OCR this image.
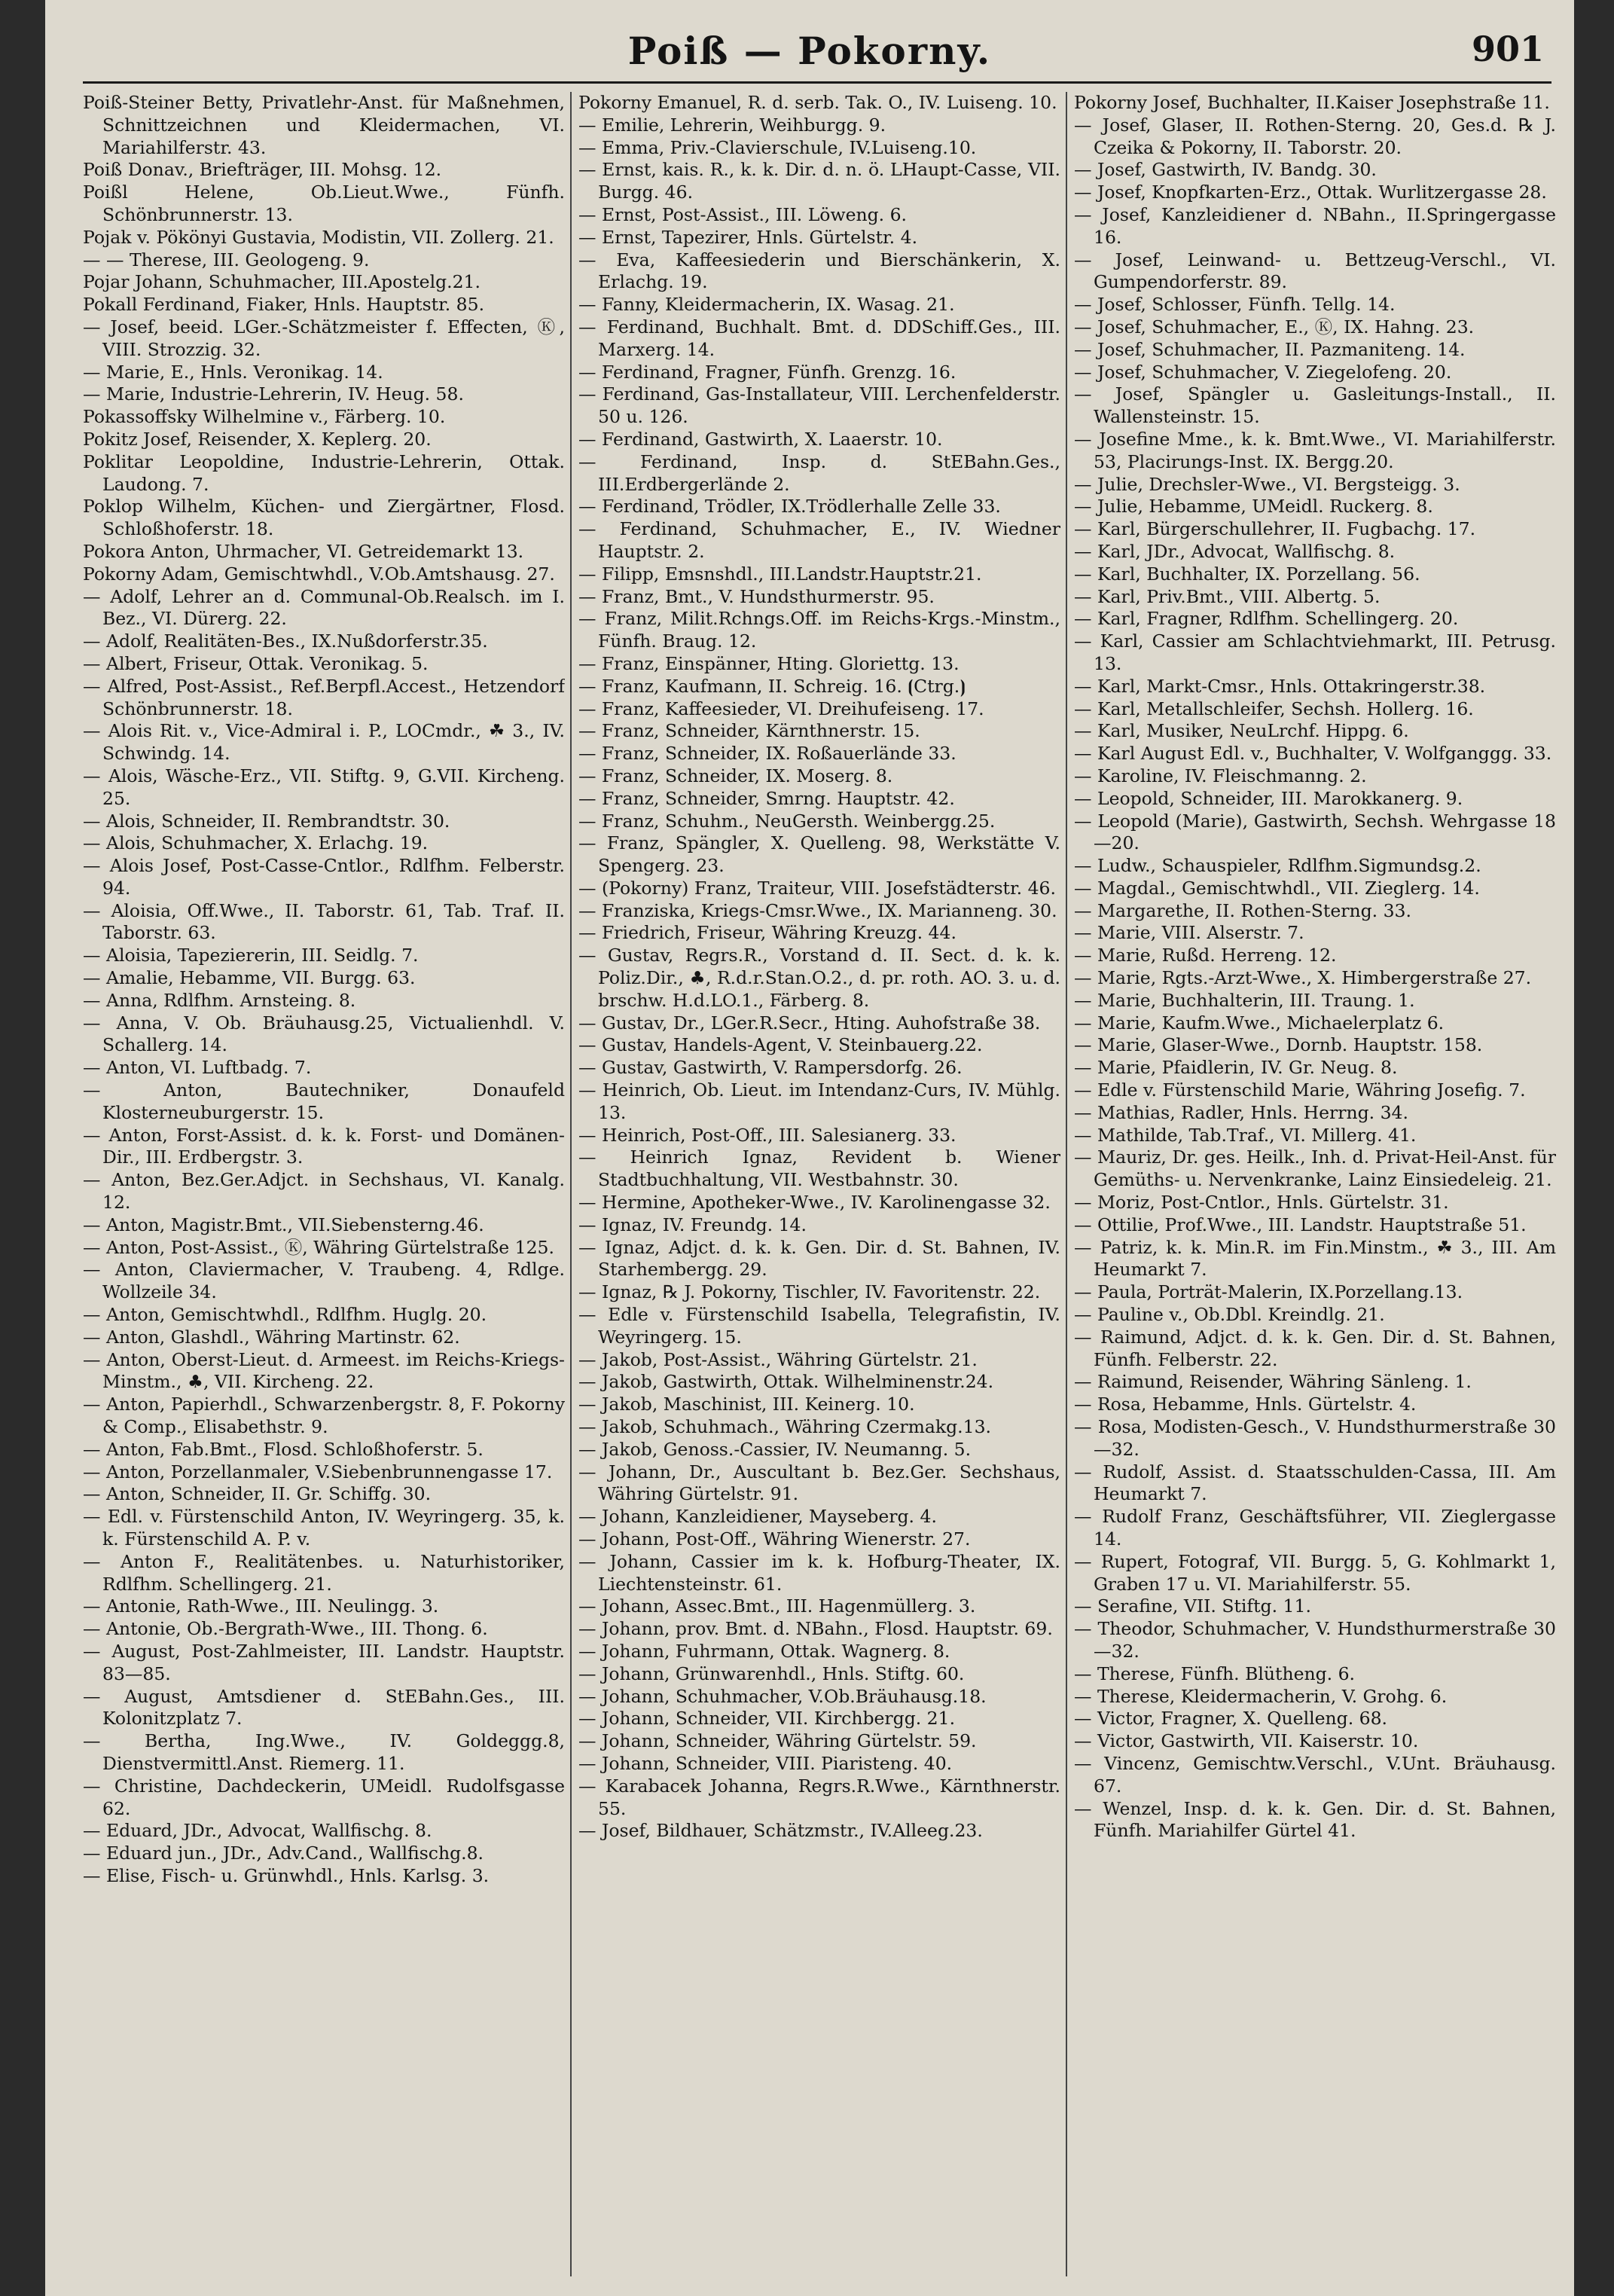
Poiß — Pokorny.	901
Poiß-Steiner Betty, Privatlehr-Anst. für Maßnehmen, Schnittzeichnen und Kleidermachen, VI. Mariahilferstr. 43.
Poiß Donav., Briefträger, III. Mohsg. 12.
Poißl Helene, Ob.Lieut.Wwe., Fünfh. Schönbrunnerstr. 13.
Pojak v. Pökönyi Gustavia, Modistin, VII. Zollerg. 21.
— — Therese, III. Geologeng. 9.
Pojar Johann, Schuhmacher, III.Apostelg.21.
Pokall Ferdinand, Fiaker, Hnls. Hauptstr. 85.
— Josef, beeid. LGer.-Schätzmeister f. Effecten, Ⓚ, VIII. Strozzig. 32.
— Marie, E., Hnls. Veronikag. 14.
— Marie, Industrie-Lehrerin, IV. Heug. 58.
Pokassoffsky Wilhelmine v., Färberg. 10.
Pokitz Josef, Reisender, X. Keplerg. 20.
Poklitar Leopoldine, Industrie-Lehrerin, Ottak. Laudong. 7.
Poklop Wilhelm, Küchen- und Ziergärtner, Flosd. Schloßhoferstr. 18.
Pokora Anton, Uhrmacher, VI. Getreidemarkt 13.
Pokorny Adam, Gemischtwhdl., V.Ob.Amtshausg. 27.
— Adolf, Lehrer an d. Communal-Ob.Realsch. im I. Bez., VI. Dürerg. 22.
— Adolf, Realitäten-Bes., IX.Nußdorferstr.35.
— Albert, Friseur, Ottak. Veronikag. 5.
— Alfred, Post-Assist., Ref.Berpfl.Accest., Hetzendorf Schönbrunnerstr. 18.
— Alois Rit. v., Vice-Admiral i. P., LOCmdr., ☘ 3., IV. Schwindg. 14.
— Alois, Wäsche-Erz., VII. Stiftg. 9, G.VII. Kircheng. 25.
— Alois, Schneider, II. Rembrandtstr. 30.
— Alois, Schuhmacher, X. Erlachg. 19.
— Alois Josef, Post-Casse-Cntlor., Rdlfhm. Felberstr. 94.
— Aloisia, Off.Wwe., II. Taborstr. 61, Tab. Traf. II. Taborstr. 63.
— Aloisia, Tapeziererin, III. Seidlg. 7.
— Amalie, Hebamme, VII. Burgg. 63.
— Anna, Rdlfhm. Arnsteing. 8.
— Anna, V. Ob. Bräuhausg.25, Victualienhdl. V. Schallerg. 14.
— Anton, VI. Luftbadg. 7.
— Anton, Bautechniker, Donaufeld Klosterneuburgerstr. 15.
— Anton, Forst-Assist. d. k. k. Forst- und Domänen-Dir., III. Erdbergstr. 3.
— Anton, Bez.Ger.Adjct. in Sechshaus, VI. Kanalg. 12.
— Anton, Magistr.Bmt., VII.Siebensterng.46.
— Anton, Post-Assist., Ⓚ, Währing Gürtelstraße 125.
— Anton, Claviermacher, V. Traubeng. 4, Rdlge. Wollzeile 34.
— Anton, Gemischtwhdl., Rdlfhm. Huglg. 20.
— Anton, Glashdl., Währing Martinstr. 62.
— Anton, Oberst-Lieut. d. Armeest. im Reichs-Kriegs-Minstm., ♣, VII. Kircheng. 22.
— Anton, Papierhdl., Schwarzenbergstr. 8, F. Pokorny & Comp., Elisabethstr. 9.
— Anton, Fab.Bmt., Flosd. Schloßhoferstr. 5.
— Anton, Porzellanmaler, V.Siebenbrunnengasse 17.
— Anton, Schneider, II. Gr. Schiffg. 30.
— Edl. v. Fürstenschild Anton, IV. Weyringerg. 35, k. k. Fürstenschild A. P. v.
— Anton F., Realitätenbes. u. Naturhistoriker, Rdlfhm. Schellingerg. 21.
— Antonie, Rath-Wwe., III. Neulingg. 3.
— Antonie, Ob.-Bergrath-Wwe., III. Thong. 6.
— August, Post-Zahlmeister, III. Landstr. Hauptstr. 83—85.
— August, Amtsdiener d. StEBahn.Ges., III. Kolonitzplatz 7.
— Bertha, Ing.Wwe., IV. Goldeggg.8, Dienstvermittl.Anst. Riemerg. 11.
— Christine, Dachdeckerin, UMeidl. Rudolfsgasse 62.
— Eduard, JDr., Advocat, Wallfischg. 8.
— Eduard jun., JDr., Adv.Cand., Wallfischg.8.
— Elise, Fisch- u. Grünwhdl., Hnls. Karlsg. 3.
Pokorny Emanuel, R. d. serb. Tak. O., IV. Luiseng. 10.
— Emilie, Lehrerin, Weihburgg. 9.
— Emma, Priv.-Clavierschule, IV.Luiseng.10.
— Ernst, kais. R., k. k. Dir. d. n. ö. LHaupt-Casse, VII. Burgg. 46.
— Ernst, Post-Assist., III. Löweng. 6.
— Ernst, Tapezirer, Hnls. Gürtelstr. 4.
— Eva, Kaffeesiederin und Bierschänkerin, X. Erlachg. 19.
— Fanny, Kleidermacherin, IX. Wasag. 21.
— Ferdinand, Buchhalt. Bmt. d. DDSchiff.Ges., III. Marxerg. 14.
— Ferdinand, Fragner, Fünfh. Grenzg. 16.
— Ferdinand, Gas-Installateur, VIII. Lerchenfelderstr. 50 u. 126.
— Ferdinand, Gastwirth, X. Laaerstr. 10.
— Ferdinand, Insp. d. StEBahn.Ges., III.Erdbergerlände 2.
— Ferdinand, Trödler, IX.Trödlerhalle Zelle 33.
— Ferdinand, Schuhmacher, E., IV. Wiedner Hauptstr. 2.
— Filipp, Emsnshdl., III.Landstr.Hauptstr.21.
— Franz, Bmt., V. Hundsthurmerstr. 95.
— Franz, Milit.Rchngs.Off. im Reichs-Krgs.-Minstm., Fünfh. Braug. 12.
— Franz, Einspänner, Hting. Gloriettg. 13.
— Franz, Kaufmann, II. Schreig. 16. ⦗Ctrg.⦘
— Franz, Kaffeesieder, VI. Dreihufeiseng. 17.
— Franz, Schneider, Kärnthnerstr. 15.
— Franz, Schneider, IX. Roßauerlände 33.
— Franz, Schneider, IX. Moserg. 8.
— Franz, Schneider, Smrng. Hauptstr. 42.
— Franz, Schuhm., NeuGersth. Weinbergg.25.
— Franz, Spängler, X. Quelleng. 98, Werkstätte V. Spengerg. 23.
— (Pokorny) Franz, Traiteur, VIII. Josefstädterstr. 46.
— Franziska, Kriegs-Cmsr.Wwe., IX. Marianneng. 30.
— Friedrich, Friseur, Währing Kreuzg. 44.
— Gustav, Regrs.R., Vorstand d. II. Sect. d. k. k. Poliz.Dir., ♣, R.d.r.Stan.O.2., d. pr. roth. AO. 3. u. d. brschw. H.d.LO.1., Färberg. 8.
— Gustav, Dr., LGer.R.Secr., Hting. Auhofstraße 38.
— Gustav, Handels-Agent, V. Steinbauerg.22.
— Gustav, Gastwirth, V. Rampersdorfg. 26.
— Heinrich, Ob. Lieut. im Intendanz-Curs, IV. Mühlg. 13.
— Heinrich, Post-Off., III. Salesianerg. 33.
— Heinrich Ignaz, Revident b. Wiener Stadtbuchhaltung, VII. Westbahnstr. 30.
— Hermine, Apotheker-Wwe., IV. Karolinengasse 32.
— Ignaz, IV. Freundg. 14.
— Ignaz, Adjct. d. k. k. Gen. Dir. d. St. Bahnen, IV. Starhembergg. 29.
— Ignaz, ℞ J. Pokorny, Tischler, IV. Favoritenstr. 22.
— Edle v. Fürstenschild Isabella, Telegrafistin, IV. Weyringerg. 15.
— Jakob, Post-Assist., Währing Gürtelstr. 21.
— Jakob, Gastwirth, Ottak. Wilhelminenstr.24.
— Jakob, Maschinist, III. Keinerg. 10.
— Jakob, Schuhmach., Währing Czermakg.13.
— Jakob, Genoss.-Cassier, IV. Neumanng. 5.
— Johann, Dr., Auscultant b. Bez.Ger. Sechshaus, Währing Gürtelstr. 91.
— Johann, Kanzleidiener, Mayseberg. 4.
— Johann, Post-Off., Währing Wienerstr. 27.
— Johann, Cassier im k. k. Hofburg-Theater, IX. Liechtensteinstr. 61.
— Johann, Assec.Bmt., III. Hagenmüllerg. 3.
— Johann, prov. Bmt. d. NBahn., Flosd. Hauptstr. 69.
— Johann, Fuhrmann, Ottak. Wagnerg. 8.
— Johann, Grünwarenhdl., Hnls. Stiftg. 60.
— Johann, Schuhmacher, V.Ob.Bräuhausg.18.
— Johann, Schneider, VII. Kirchbergg. 21.
— Johann, Schneider, Währing Gürtelstr. 59.
— Johann, Schneider, VIII. Piaristeng. 40.
— Karabacek Johanna, Regrs.R.Wwe., Kärnthnerstr. 55.
— Josef, Bildhauer, Schätzmstr., IV.Alleeg.23.
Pokorny Josef, Buchhalter, II.Kaiser Josephstraße 11.
— Josef, Glaser, II. Rothen-Sterng. 20, Ges.d. ℞ J. Czeika & Pokorny, II. Taborstr. 20.
— Josef, Gastwirth, IV. Bandg. 30.
— Josef, Knopfkarten-Erz., Ottak. Wurlitzergasse 28.
— Josef, Kanzleidiener d. NBahn., II.Springergasse 16.
— Josef, Leinwand- u. Bettzeug-Verschl., VI. Gumpendorferstr. 89.
— Josef, Schlosser, Fünfh. Tellg. 14.
— Josef, Schuhmacher, E., Ⓚ, IX. Hahng. 23.
— Josef, Schuhmacher, II. Pazmaniteng. 14.
— Josef, Schuhmacher, V. Ziegelofeng. 20.
— Josef, Spängler u. Gasleitungs-Install., II. Wallensteinstr. 15.
— Josefine Mme., k. k. Bmt.Wwe., VI. Mariahilferstr. 53, Placirungs-Inst. IX. Bergg.20.
— Julie, Drechsler-Wwe., VI. Bergsteigg. 3.
— Julie, Hebamme, UMeidl. Ruckerg. 8.
— Karl, Bürgerschullehrer, II. Fugbachg. 17.
— Karl, JDr., Advocat, Wallfischg. 8.
— Karl, Buchhalter, IX. Porzellang. 56.
— Karl, Priv.Bmt., VIII. Albertg. 5.
— Karl, Fragner, Rdlfhm. Schellingerg. 20.
— Karl, Cassier am Schlachtviehmarkt, III. Petrusg. 13.
— Karl, Markt-Cmsr., Hnls. Ottakringerstr.38.
— Karl, Metallschleifer, Sechsh. Hollerg. 16.
— Karl, Musiker, NeuLrchf. Hippg. 6.
— Karl August Edl. v., Buchhalter, V. Wolfganggg. 33.
— Karoline, IV. Fleischmanng. 2.
— Leopold, Schneider, III. Marokkanerg. 9.
— Leopold (Marie), Gastwirth, Sechsh. Wehrgasse 18—20.
— Ludw., Schauspieler, Rdlfhm.Sigmundsg.2.
— Magdal., Gemischtwhdl., VII. Zieglerg. 14.
— Margarethe, II. Rothen-Sterng. 33.
— Marie, VIII. Alserstr. 7.
— Marie, Rußd. Herreng. 12.
— Marie, Rgts.-Arzt-Wwe., X. Himbergerstraße 27.
— Marie, Buchhalterin, III. Traung. 1.
— Marie, Kaufm.Wwe., Michaelerplatz 6.
— Marie, Glaser-Wwe., Dornb. Hauptstr. 158.
— Marie, Pfaidlerin, IV. Gr. Neug. 8.
— Edle v. Fürstenschild Marie, Währing Josefig. 7.
— Mathias, Radler, Hnls. Herrng. 34.
— Mathilde, Tab.Traf., VI. Millerg. 41.
— Mauriz, Dr. ges. Heilk., Inh. d. Privat-Heil-Anst. für Gemüths- u. Nervenkranke, Lainz Einsiedeleig. 21.
— Moriz, Post-Cntlor., Hnls. Gürtelstr. 31.
— Ottilie, Prof.Wwe., III. Landstr. Hauptstraße 51.
— Patriz, k. k. Min.R. im Fin.Minstm., ☘ 3., III. Am Heumarkt 7.
— Paula, Porträt-Malerin, IX.Porzellang.13.
— Pauline v., Ob.Dbl. Kreindlg. 21.
— Raimund, Adjct. d. k. k. Gen. Dir. d. St. Bahnen, Fünfh. Felberstr. 22.
— Raimund, Reisender, Währing Sänleng. 1.
— Rosa, Hebamme, Hnls. Gürtelstr. 4.
— Rosa, Modisten-Gesch., V. Hundsthurmerstraße 30—32.
— Rudolf, Assist. d. Staatsschulden-Cassa, III. Am Heumarkt 7.
— Rudolf Franz, Geschäftsführer, VII. Zieglergasse 14.
— Rupert, Fotograf, VII. Burgg. 5, G. Kohlmarkt 1, Graben 17 u. VI. Mariahilferstr. 55.
— Serafine, VII. Stiftg. 11.
— Theodor, Schuhmacher, V. Hundsthurmerstraße 30—32.
— Therese, Fünfh. Blütheng. 6.
— Therese, Kleidermacherin, V. Grohg. 6.
— Victor, Fragner, X. Quelleng. 68.
— Victor, Gastwirth, VII. Kaiserstr. 10.
— Vincenz, Gemischtw.Verschl., V.Unt. Bräuhausg. 67.
— Wenzel, Insp. d. k. k. Gen. Dir. d. St. Bahnen, Fünfh. Mariahilfer Gürtel 41.
